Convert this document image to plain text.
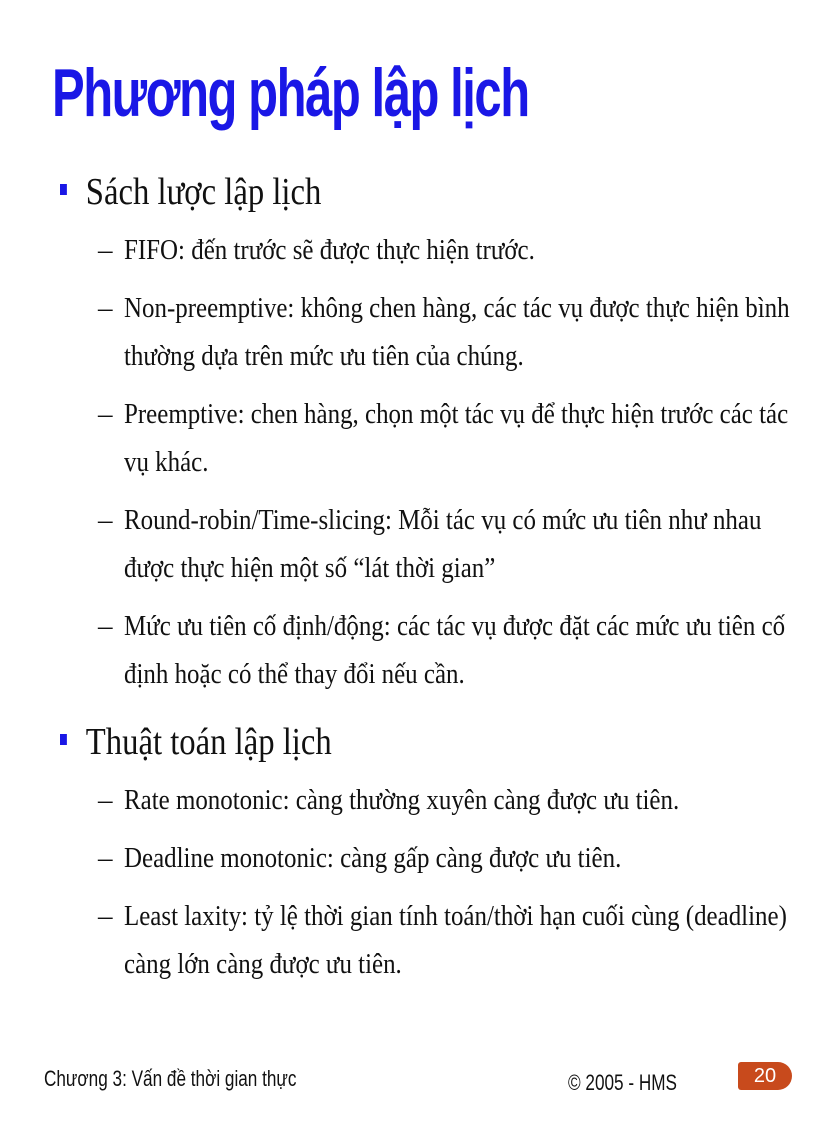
Phương pháp lập lịch
Sách lược lập lịch
– FIFO: đến trước sẽ được thực hiện trước.
– Non-preemptive: không chen hàng, các tác vụ được thực hiện bình thường dựa trên mức ưu tiên của chúng.
– Preemptive: chen hàng, chọn một tác vụ để thực hiện trước các tác vụ khác.
– Round-robin/Time-slicing: Mỗi tác vụ có mức ưu tiên như nhau được thực hiện một số “lát thời gian”
– Mức ưu tiên cố định/động: các tác vụ được đặt các mức ưu tiên cố định hoặc có thể thay đổi nếu cần.
Thuật toán lập lịch
– Rate monotonic: càng thường xuyên càng được ưu tiên.
– Deadline monotonic: càng gấp càng được ưu tiên.
– Least laxity: tỷ lệ thời gian tính toán/thời hạn cuối cùng (deadline) càng lớn càng được ưu tiên.
Chương 3: Vấn đề thời gian thực	© 2005 - HMS	20
